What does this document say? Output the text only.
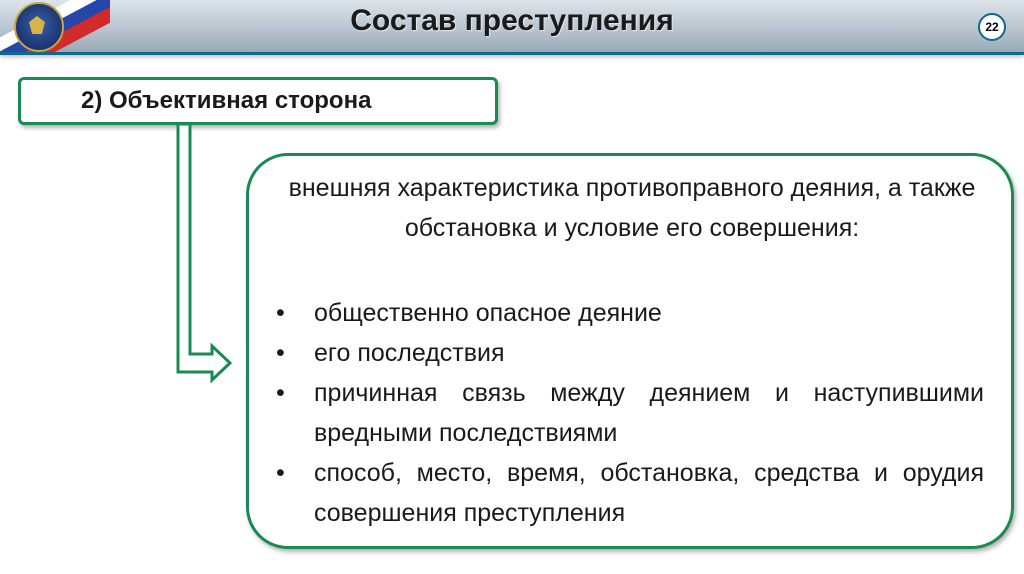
Состав преступления	22
2) Объективная сторона
внешняя характеристика противоправного деяния, а также обстановка и условие его совершения:
• общественно опасное деяние
• его последствия
• причинная связь между деянием и наступившими вредными последствиями
• способ, место, время, обстановка, средства и орудия совершения преступления
